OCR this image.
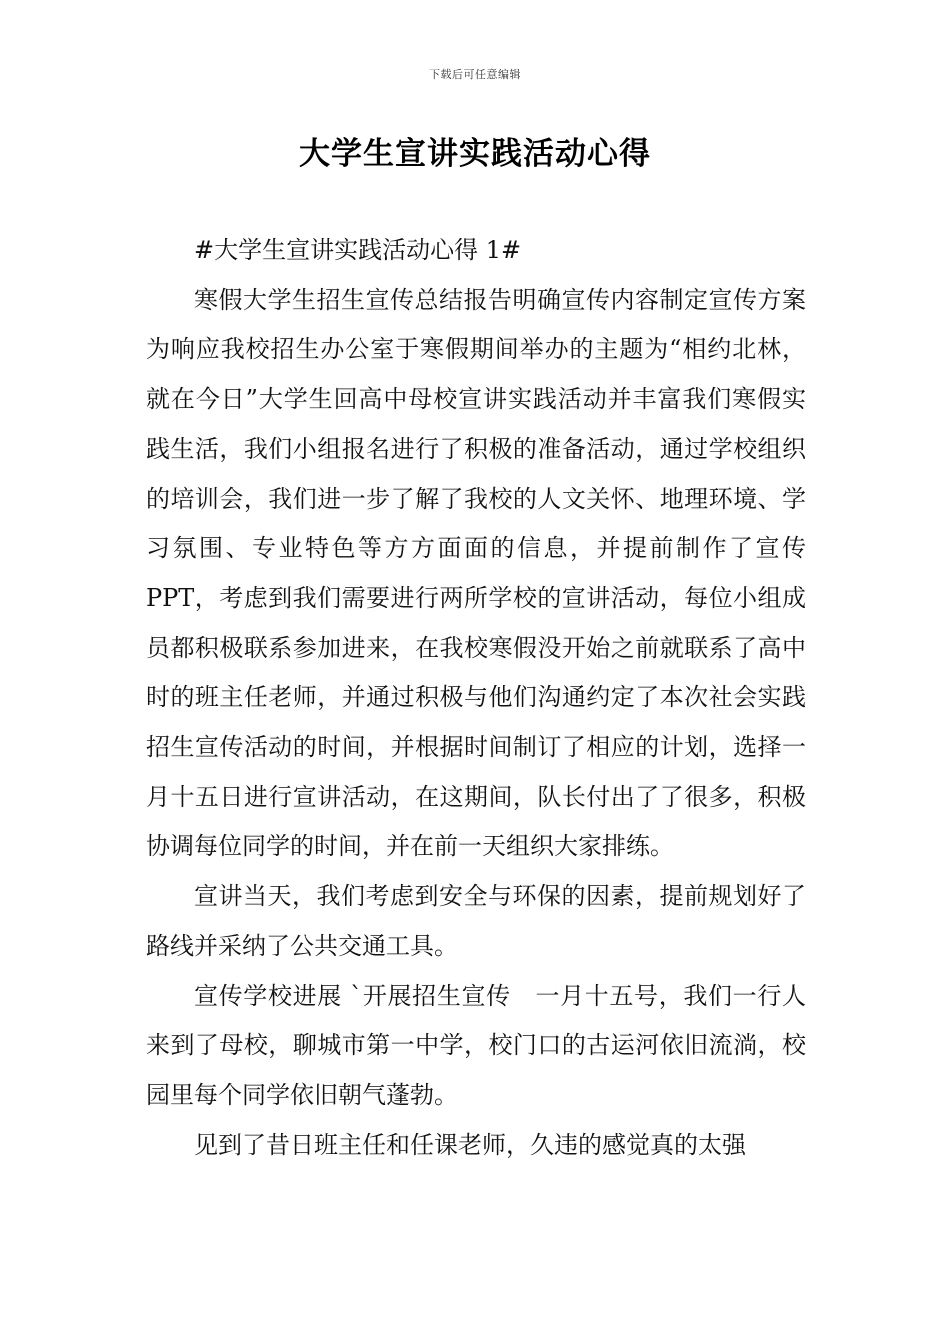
下载后可任意编辑
大学生宣讲实践活动心得

#大学生宣讲实践活动心得 1#

寒假大学生招生宣传总结报告明确宣传内容制定宣传方案　　为响应我校招生办公室于寒假期间举办的主题为“相约北林，就在今日”大学生回高中母校宣讲实践活动并丰富我们寒假实践生活，我们小组报名进行了积极的准备活动，通过学校组织的培训会，我们进一步了解了我校的人文关怀、地理环境、学习氛围、专业特色等方方面面的信息，并提前制作了宣传PPT，考虑到我们需要进行两所学校的宣讲活动，每位小组成员都积极联系参加进来，在我校寒假没开始之前就联系了高中时的班主任老师，并通过积极与他们沟通约定了本次社会实践招生宣传活动的时间，并根据时间制订了相应的计划，选择一月十五日进行宣讲活动，在这期间，队长付出了了很多，积极协调每位同学的时间，并在前一天组织大家排练。

宣讲当天，我们考虑到安全与环保的因素，提前规划好了路线并采纳了公共交通工具。

宣传学校进展 ˋ开展招生宣传　一月十五号，我们一行人来到了母校，聊城市第一中学，校门口的古运河依旧流淌，校园里每个同学依旧朝气蓬勃。

见到了昔日班主任和任课老师，久违的感觉真的太强
